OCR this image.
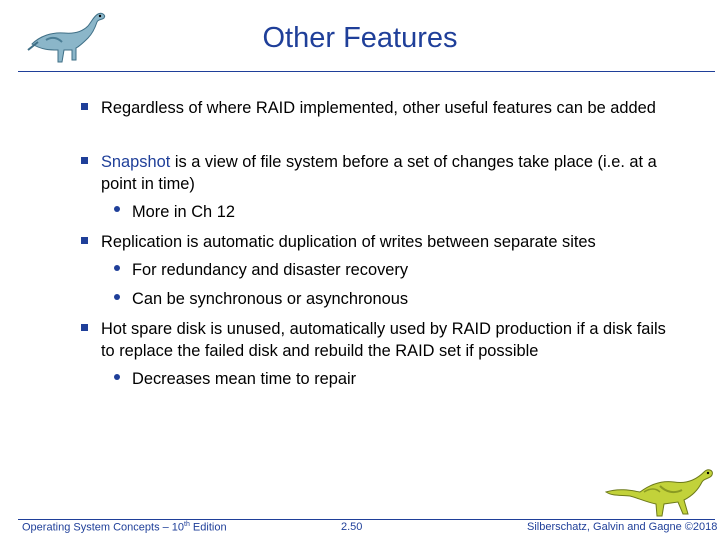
Other Features
Regardless of where RAID implemented, other useful features can be added
Snapshot is a view of file system before a set of changes take place (i.e. at a point in time)
More in Ch 12
Replication is automatic duplication of writes between separate sites
For redundancy and disaster recovery
Can be synchronous or asynchronous
Hot spare disk is unused, automatically used by RAID production if a disk fails to replace the failed disk and rebuild the RAID set if possible
Decreases mean time to repair
Operating System Concepts – 10th Edition	2.50	Silberschatz, Galvin and Gagne ©2018
